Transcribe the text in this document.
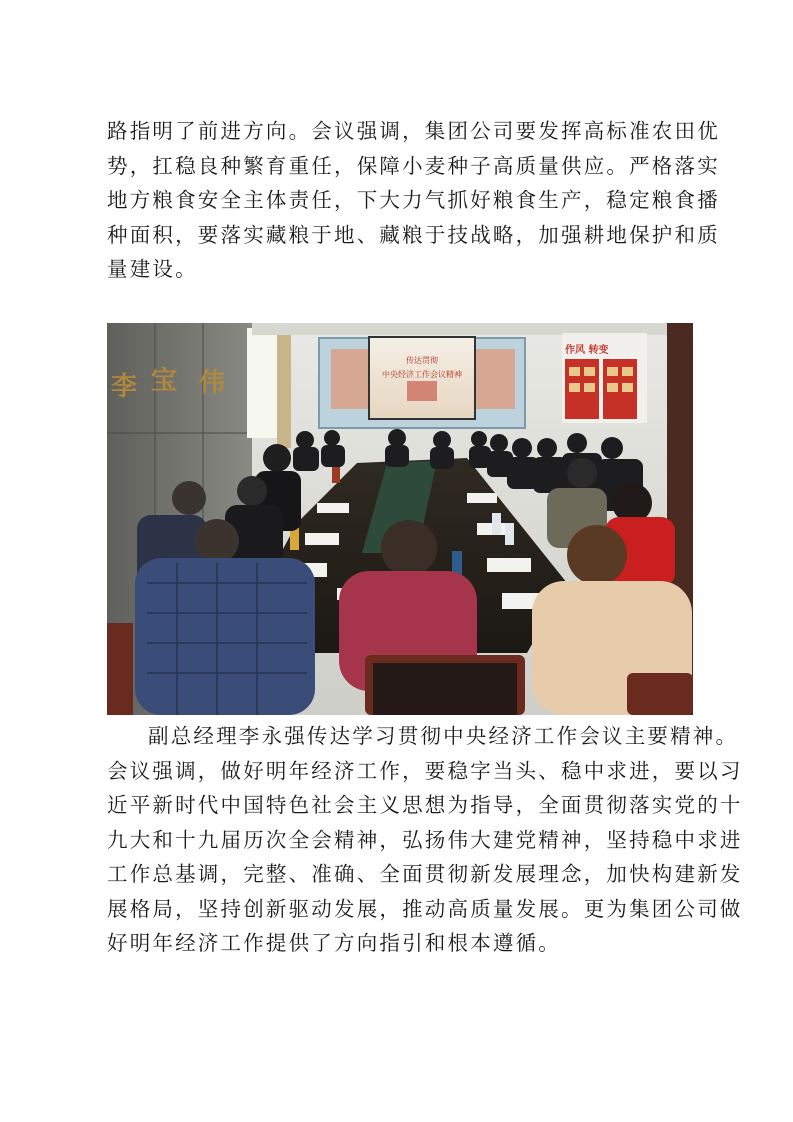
路指明了前进方向。会议强调，集团公司要发挥高标准农田优
势，扛稳良种繁育重任，保障小麦种子高质量供应。严格落实
地方粮食安全主体责任，下大力气抓好粮食生产，稳定粮食播
种面积，要落实藏粮于地、藏粮于技战略，加强耕地保护和质
量建设。
李 宝 伟
传达贯彻
中央经济工作会议精神
作风 转变
副总经理李永强传达学习贯彻中央经济工作会议主要精神。
会议强调，做好明年经济工作，要稳字当头、稳中求进，要以习
近平新时代中国特色社会主义思想为指导，全面贯彻落实党的十
九大和十九届历次全会精神，弘扬伟大建党精神，坚持稳中求进
工作总基调，完整、准确、全面贯彻新发展理念，加快构建新发
展格局，坚持创新驱动发展，推动高质量发展。更为集团公司做
好明年经济工作提供了方向指引和根本遵循。
